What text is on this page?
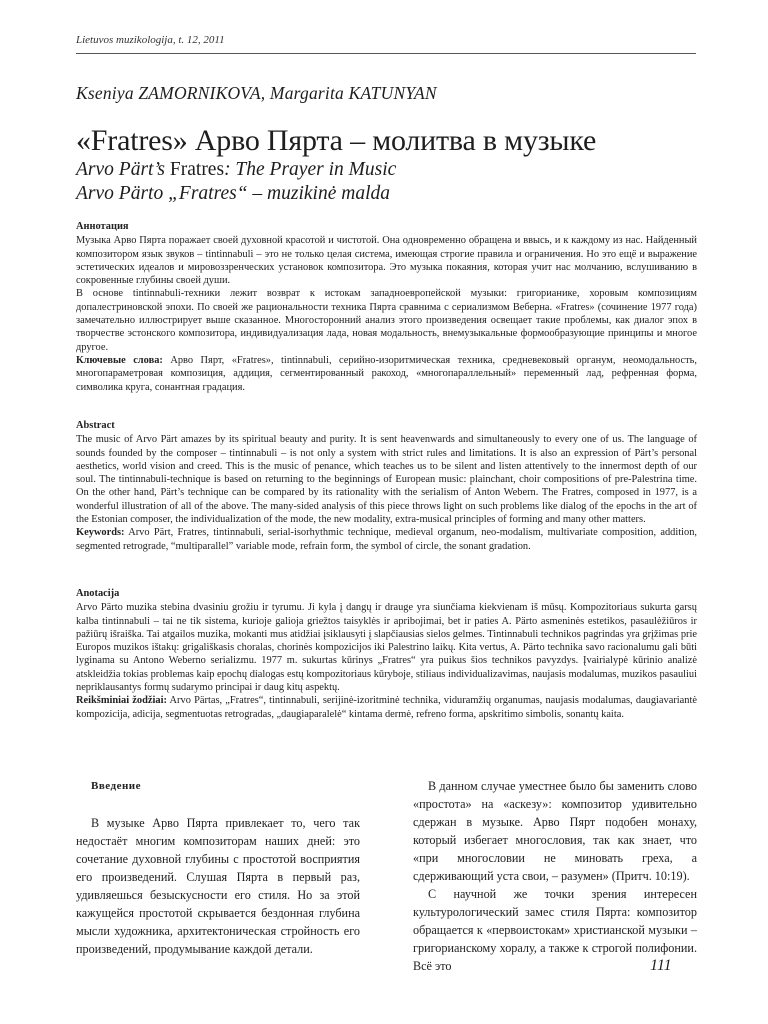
Lietuvos muzikologija, t. 12, 2011
Kseniya ZAMORNIKOVA, Margarita KATUNYAN
«Fratres» Арво Пярта – молитва в музыке
Arvo Pärt’s Fratres: The Prayer in Music
Arvo Pärto „Fratres“ – muzikinė malda
Аннотация

Музыка Арво Пярта поражает своей духовной красотой и чистотой. Она одновременно обращена и ввысь, и к каждому из нас. Найденный композитором язык звуков – tintinnabuli – это не только целая система, имеющая строгие правила и ограничения. Но это ещё и выражение эстетических идеалов и мировоззренческих установок композитора. Это музыка покаяния, которая учит нас молчанию, вслушиванию в сокровенные глубины своей души.

В основе tintinnabuli-техники лежит возврат к истокам западноевропейской музыки: григорианике, хоровым композициям допалестриновской эпохи. По своей же рациональности техника Пярта сравнима с сериализмом Веберна. «Fratres» (сочинение 1977 года) замечательно иллюстрирует выше сказанное. Многосторонний анализ этого произведения освещает такие проблемы, как диалог эпох в творчестве эстонского композитора, индивидуализация лада, новая модальность, внемузыкальные формообразующие принципы и многое другое.

Ключевые слова: Арво Пярт, «Fratres», tintinnabuli, серийно-изоритмическая техника, средневековый органум, неомодальность, многопараметровая композиция, аддиция, сегментированный ракоход, «многопараллельный» переменный лад, рефренная форма, символика круга, сонантная градация.

Abstract

The music of Arvo Pärt amazes by its spiritual beauty and purity. It is sent heavenwards and simultaneously to every one of us. The language of sounds founded by the composer – tintinnabuli – is not only a system with strict rules and limitations. It is also an expression of Pärt’s personal aesthetics, world vision and creed. This is the music of penance, which teaches us to be silent and listen attentively to the innermost depth of our soul. The tintinnabuli-technique is based on returning to the beginnings of European music: plainchant, choir compositions of pre-Palestrina time. On the other hand, Pärt’s technique can be compared by its rationality with the serialism of Anton Webern. The Fratres, composed in 1977, is a wonderful illustration of all of the above. The many-sided analysis of this piece throws light on such problems like dialog of the epochs in the art of the Estonian composer, the individualization of the mode, the new modality, extra-musical principles of forming and many other matters.

Keywords: Arvo Pärt, Fratres, tintinnabuli, serial-isorhythmic technique, medieval organum, neo-modalism, multivariate composition, addition, segmented retrograde, “multiparallel” variable mode, refrain form, the symbol of circle, the sonant gradation.

Anotacija

Arvo Pärto muzika stebina dvasiniu grožiu ir tyrumu. Ji kyla į dangų ir drauge yra siunčiama kiekvienam iš mūsų. Kompozitoriaus sukurta garsų kalba tintinnabuli – tai ne tik sistema, kurioje galioja griežtos taisyklės ir apribojimai, bet ir paties A. Pärto asmeninės estetikos, pasaulėžiūros ir pažiūrų išraiška. Tai atgailos muzika, mokanti mus atidžiai įsiklausyti į slapčiausias sielos gelmes. Tintinnabuli technikos pagrindas yra grįžimas prie Europos muzikos ištakų: grigališkasis choralas, chorinės kompozicijos iki Palestrino laikų. Kita vertus, A. Pärto technika savo racionalumu gali būti lyginama su Antono Weberno serializmu. 1977 m. sukurtas kūrinys „Fratres“ yra puikus šios technikos pavyzdys. Įvairialypė kūrinio analizė atskleidžia tokias problemas kaip epochų dialogas estų kompozitoriaus kūryboje, stiliaus individualizavimas, naujasis modalumas, muzikos pasauliui nepriklausantys formų sudarymo principai ir daug kitų aspektų.

Reikšminiai žodžiai: Arvo Pärtas, „Fratres“, tintinnabuli, serijinė-izoritminė technika, viduramžių organumas, naujasis modalumas, daugiavariantė kompozicija, adicija, segmentuotas retrogradas, „daugiaparalelė“ kintama dermė, refreno forma, apskritimo simbolis, sonantų kaita.

Введение

В музыке Арво Пярта привлекает то, чего так недостаёт многим композиторам наших дней: это сочетание духовной глубины с простотой восприятия его произведений. Слушая Пярта в первый раз, удивляешься безыскусности его стиля. Но за этой кажущейся простотой скрывается бездонная глубина мысли художника, архитектоническая стройность его произведений, продумывание каждой детали.

В данном случае уместнее было бы заменить слово «простота» на «аскезу»: композитор удивительно сдержан в музыке. Арво Пярт подобен монаху, который избегает многословия, так как знает, что «при многословии не миновать греха, а сдерживающий уста свои, – разумен» (Притч. 10:19).

С научной же точки зрения интересен культурологический замес стиля Пярта: композитор обращается к «первоистокам» христианской музыки – григорианскому хоралу, а также к строгой полифонии. Всё это	111
